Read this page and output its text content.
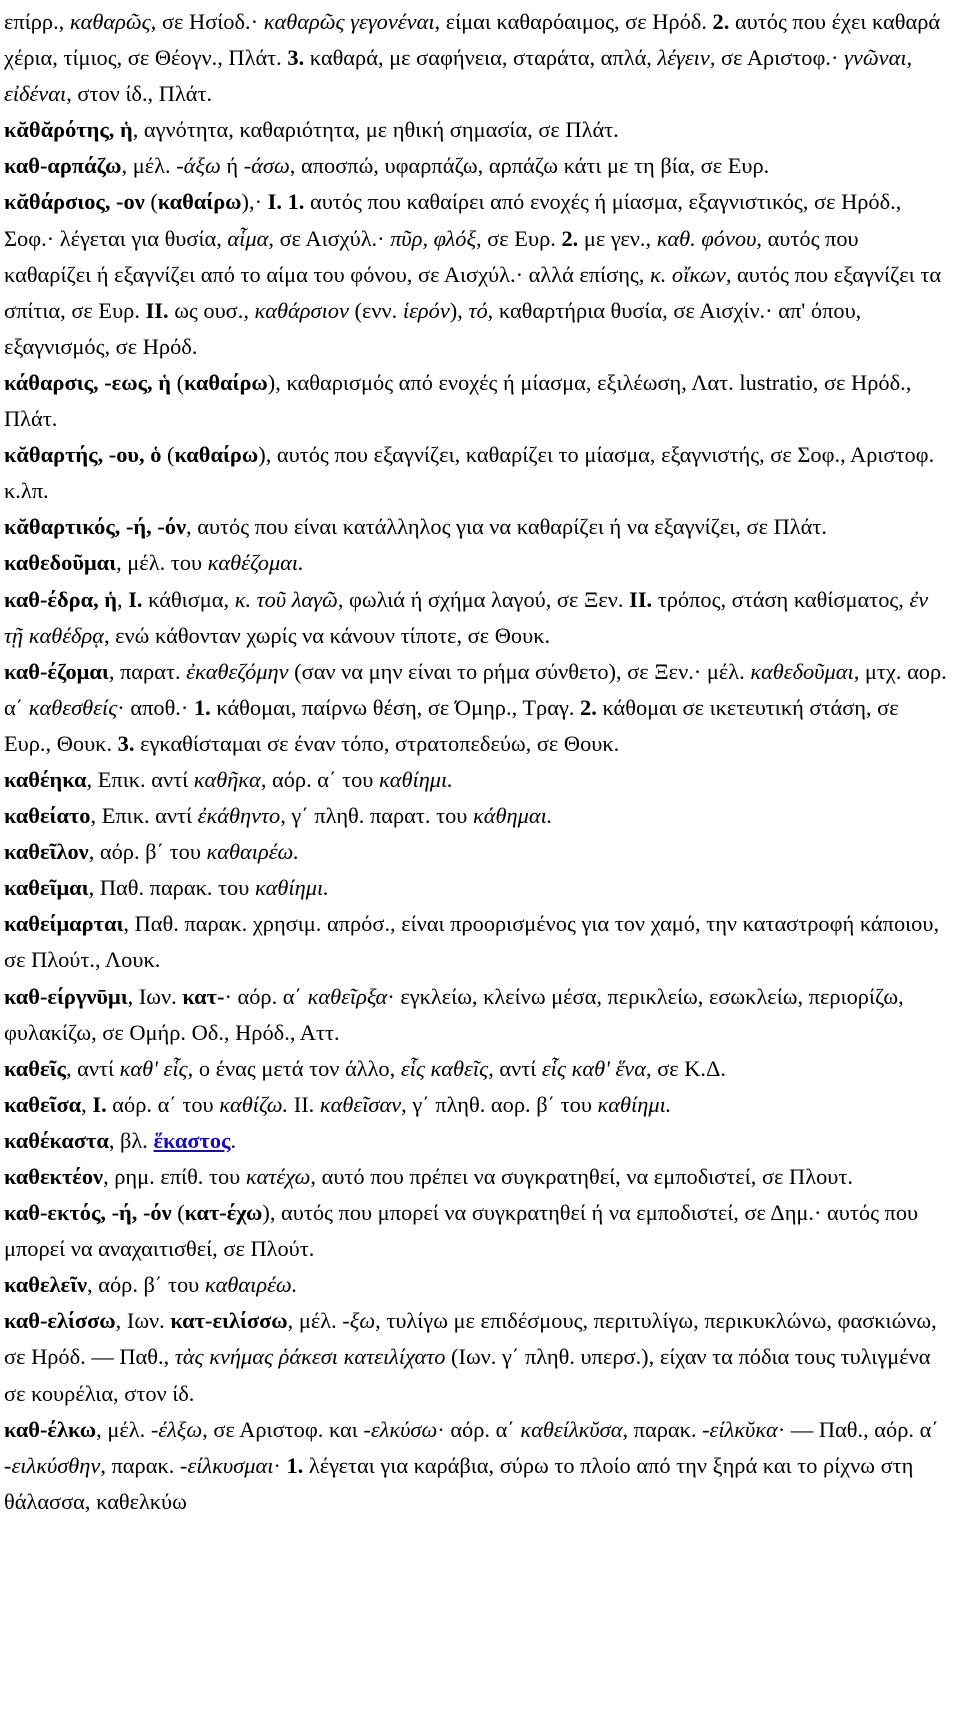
επίρρ., καθαρῶς, σε Ησίοδ.· καθαρῶς γεγονέναι, είμαι καθαρόαιμος, σε Ηρόδ. 2. αυτός που έχει καθαρά χέρια, τίμιος, σε Θέογν., Πλάτ. 3. καθαρά, με σαφήνεια, σταράτα, απλά, λέγειν, σε Αριστοφ.· γνῶναι, εἰδέναι, στον ίδ., Πλάτ.
κᾰθᾰρότης, ἡ, αγνότητα, καθαριότητα, με ηθική σημασία, σε Πλάτ.
καθ-αρπάζω, μέλ. -άξω ή -άσω, αποσπώ, υφαρπάζω, αρπάζω κάτι με τη βία, σε Ευρ.
κᾰθάρσιος, -ον (καθαίρω),· I. 1. αυτός που καθαίρει από ενοχές ή μίασμα, εξαγνιστικός, σε Ηρόδ., Σοφ.· λέγεται για θυσία, αἷμα, σε Αισχύλ.· πῦρ, φλόξ, σε Ευρ. 2. με γεν., καθ. φόνου, αυτός που καθαρίζει ή εξαγνίζει από το αίμα του φόνου, σε Αισχύλ.· αλλά επίσης, κ. οἴκων, αυτός που εξαγνίζει τα σπίτια, σε Ευρ. II. ως ουσ., καθάρσιον (ενν. ἱερόν), τό, καθαρτήρια θυσία, σε Αισχίν.· απ' όπου, εξαγνισμός, σε Ηρόδ.
κάθαρσις, -εως, ἡ (καθαίρω), καθαρισμός από ενοχές ή μίασμα, εξιλέωση, Λατ. lustratio, σε Ηρόδ., Πλάτ.
κᾰθαρτής, -ου, ὁ (καθαίρω), αυτός που εξαγνίζει, καθαρίζει το μίασμα, εξαγνιστής, σε Σοφ., Αριστοφ. κ.λπ.
κᾰθαρτικός, -ή, -όν, αυτός που είναι κατάλληλος για να καθαρίζει ή να εξαγνίζει, σε Πλάτ.
καθεδοῦμαι, μέλ. του καθέζομαι.
καθ-έδρα, ἡ, I. κάθισμα, κ. τοῦ λαγῶ, φωλιά ή σχήμα λαγού, σε Ξεν. II. τρόπος, στάση καθίσματος, ἐν τῇ καθέδρᾳ, ενώ κάθονταν χωρίς να κάνουν τίποτε, σε Θουκ.
καθ-έζομαι, παρατ. ἐκαθεζόμην (σαν να μην είναι το ρήμα σύνθετο), σε Ξεν.· μέλ. καθεδοῦμαι, μτχ. αορ. α΄ καθεσθείς· αποθ.· 1. κάθομαι, παίρνω θέση, σε Όμηρ., Τραγ. 2. κάθομαι σε ικετευτική στάση, σε Ευρ., Θουκ. 3. εγκαθίσταμαι σε έναν τόπο, στρατοπεδεύω, σε Θουκ.
καθέηκα, Επικ. αντί καθῆκα, αόρ. α΄ του καθίημι.
καθείατο, Επικ. αντί ἐκάθηντο, γ΄ πληθ. παρατ. του κάθημαι.
καθεῖλον, αόρ. β΄ του καθαιρέω.
καθεῖμαι, Παθ. παρακ. του καθίημι.
καθείμαρται, Παθ. παρακ. χρησιμ. απρόσ., είναι προορισμένος για τον χαμό, την καταστροφή κάποιου, σε Πλούτ., Λουκ.
καθ-είργνῡμι, Ιων. κατ-· αόρ. α΄ καθεῖρξα· εγκλείω, κλείνω μέσα, περικλείω, εσωκλείω, περιορίζω, φυλακίζω, σε Ομήρ. Οδ., Ηρόδ., Αττ.
καθεῖς, αντί καθ' εἷς, ο ένας μετά τον άλλο, εἷς καθεῖς, αντί εἷς καθ' ἕνα, σε Κ.Δ.
καθεῖσα, I. αόρ. α΄ του καθίζω. ΙΙ. καθεῖσαν, γ΄ πληθ. αορ. β΄ του καθίημι.
καθέκαστα, βλ. ἕκαστος.
καθεκτέον, ρημ. επίθ. του κατέχω, αυτό που πρέπει να συγκρατηθεί, να εμποδιστεί, σε Πλουτ.
καθ-εκτός, -ή, -όν (κατ-έχω), αυτός που μπορεί να συγκρατηθεί ή να εμποδιστεί, σε Δημ.· αυτός που μπορεί να αναχαιτισθεί, σε Πλούτ.
καθελεῖν, αόρ. β΄ του καθαιρέω.
καθ-ελίσσω, Ιων. κατ-ειλίσσω, μέλ. -ξω, τυλίγω με επιδέσμους, περιτυλίγω, περικυκλώνω, φασκιώνω, σε Ηρόδ. — Παθ., τὰς κνήμας ῥάκεσι κατειλίχατο (Ιων. γ΄ πληθ. υπερσ.), είχαν τα πόδια τους τυλιγμένα σε κουρέλια, στον ίδ.
καθ-έλκω, μέλ. -έλξω, σε Αριστοφ. και -ελκύσω· αόρ. α΄ καθείλκῠσα, παρακ. -είλκῠκα· — Παθ., αόρ. α΄ -ειλκύσθην, παρακ. -είλκυσμαι· 1. λέγεται για καράβια, σύρω το πλοίο από την ξηρά και το ρίχνω στη θάλασσα, καθελκύω
